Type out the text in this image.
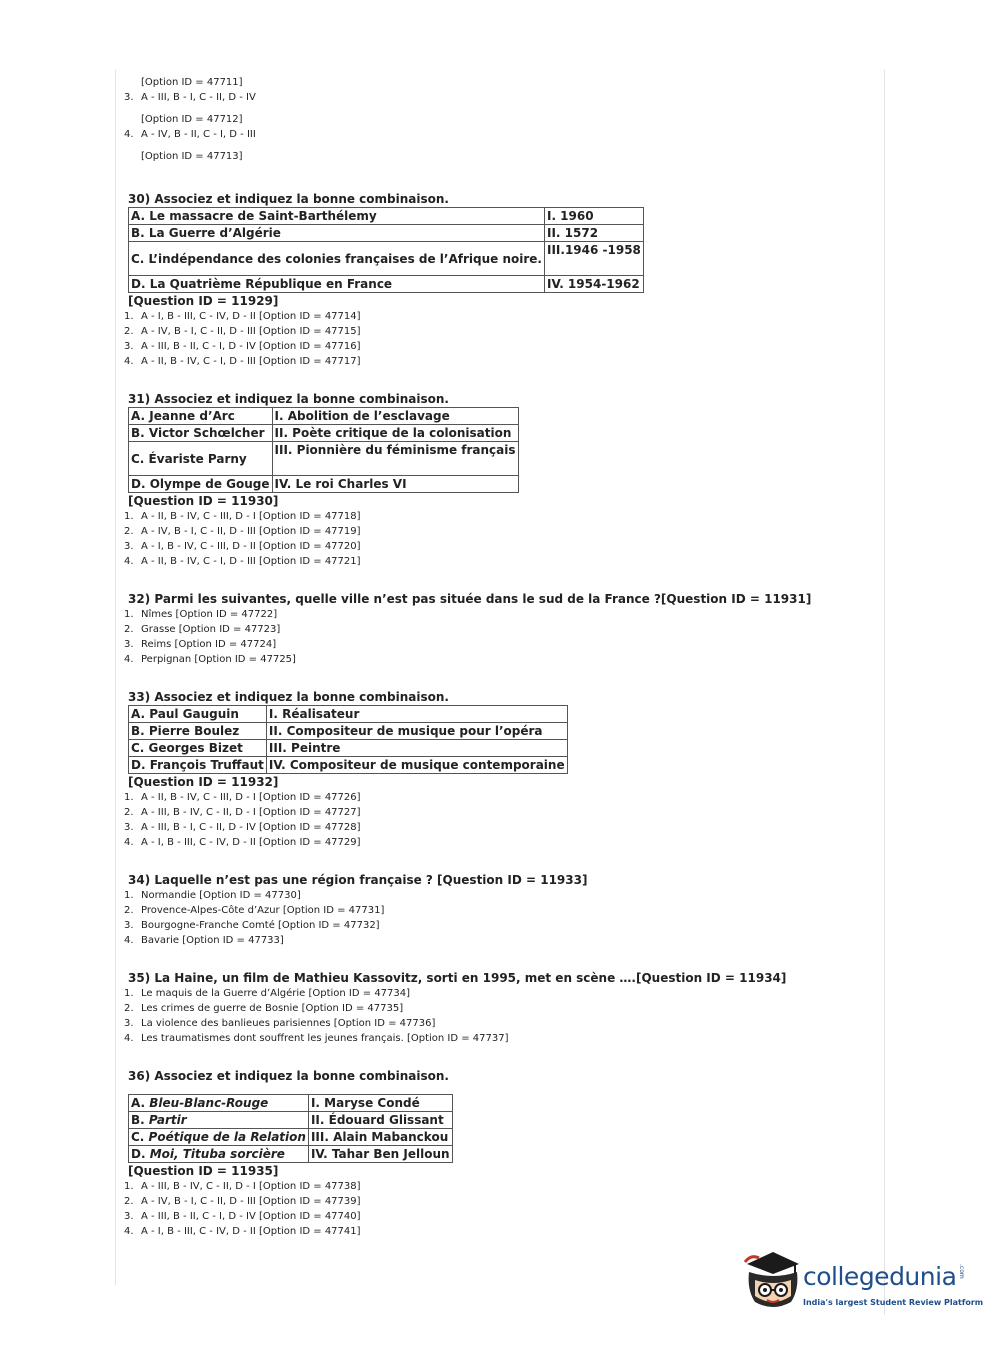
[Option ID = 47711]
3. A - III, B - I, C - II, D - IV
[Option ID = 47712]
4. A - IV, B - II, C - I, D - III
[Option ID = 47713]
30) Associez et indiquez la bonne combinaison.
A. Le massacre de Saint-Barthélemy	I. 1960
B. La Guerre d’Algérie	II. 1572
C. L’indépendance des colonies françaises de l’Afrique noire.	III.1946 -1958
D. La Quatrième République en France	IV. 1954-1962
[Question ID = 11929]
1. A - I, B - III, C - IV, D - II [Option ID = 47714]
2. A - IV, B - I, C - II, D - III [Option ID = 47715]
3. A - III, B - II, C - I, D - IV [Option ID = 47716]
4. A - II, B - IV, C - I, D - III [Option ID = 47717]
31) Associez et indiquez la bonne combinaison.
A. Jeanne d’Arc	I. Abolition de l’esclavage
B. Victor Schœlcher	II. Poète critique de la colonisation
C. Évariste Parny	III. Pionnière du féminisme français
D. Olympe de Gouge	IV. Le roi Charles VI
[Question ID = 11930]
1. A - II, B - IV, C - III, D - I [Option ID = 47718]
2. A - IV, B - I, C - II, D - III [Option ID = 47719]
3. A - I, B - IV, C - III, D - II [Option ID = 47720]
4. A - II, B - IV, C - I, D - III [Option ID = 47721]
32) Parmi les suivantes, quelle ville n’est pas située dans le sud de la France ?[Question ID = 11931]
1. Nîmes [Option ID = 47722]
2. Grasse [Option ID = 47723]
3. Reims [Option ID = 47724]
4. Perpignan [Option ID = 47725]
33) Associez et indiquez la bonne combinaison.
A. Paul Gauguin	I. Réalisateur
B. Pierre Boulez	II. Compositeur de musique pour l’opéra
C. Georges Bizet	III. Peintre
D. François Truffaut	IV. Compositeur de musique contemporaine
[Question ID = 11932]
1. A - II, B - IV, C - III, D - I [Option ID = 47726]
2. A - III, B - IV, C - II, D - I [Option ID = 47727]
3. A - III, B - I, C - II, D - IV [Option ID = 47728]
4. A - I, B - III, C - IV, D - II [Option ID = 47729]
34) Laquelle n’est pas une région française ? [Question ID = 11933]
1. Normandie [Option ID = 47730]
2. Provence-Alpes-Côte d’Azur [Option ID = 47731]
3. Bourgogne-Franche Comté [Option ID = 47732]
4. Bavarie [Option ID = 47733]
35) La Haine, un film de Mathieu Kassovitz, sorti en 1995, met en scène ….[Question ID = 11934]
1. Le maquis de la Guerre d’Algérie [Option ID = 47734]
2. Les crimes de guerre de Bosnie [Option ID = 47735]
3. La violence des banlieues parisiennes [Option ID = 47736]
4. Les traumatismes dont souffrent les jeunes français. [Option ID = 47737]
36) Associez et indiquez la bonne combinaison.
A. Bleu-Blanc-Rouge	I. Maryse Condé
B. Partir	II. Édouard Glissant
C. Poétique de la Relation	III. Alain Mabanckou
D. Moi, Tituba sorcière	IV. Tahar Ben Jelloun
[Question ID = 11935]
1. A - III, B - IV, C - II, D - I [Option ID = 47738]
2. A - IV, B - I, C - II, D - III [Option ID = 47739]
3. A - III, B - II, C - I, D - IV [Option ID = 47740]
4. A - I, B - III, C - IV, D - II [Option ID = 47741]
collegedunia .com
India's largest Student Review Platform
